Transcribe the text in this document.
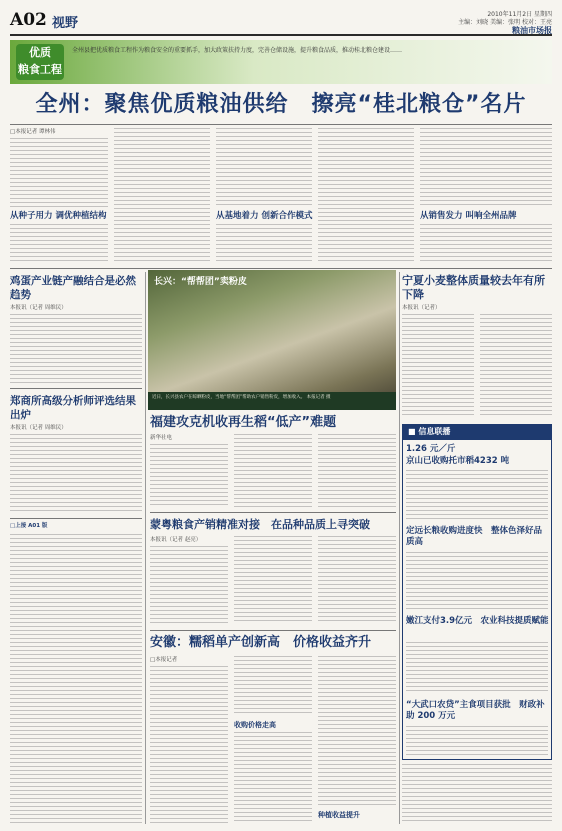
A02 视野
2010年11月2日 星期四
主编：刘晓 美编：张明 校对：王亮
粮油市场报
优质
粮食工程
全州县把优质粮食工程作为粮食安全的重要抓手，加大政策扶持力度，完善仓储设施，提升粮食品质，推动桂北粮仓建设……
全州：聚焦优质粮油供给　擦亮“桂北粮仓”名片
□本报记者 谭林伟
从种子用力 调优种植结构	从基地着力 创新合作模式	从销售发力 叫响全州品牌
鸡蛋产业链产融结合是必然趋势
本报讯（记者 周维民）
郑商所高级分析师评选结果出炉
本报讯（记者 周维民）
□上接 A01 版
长兴：“帮帮团”卖粉皮
近日，长兴县农户在晾晒粉皮，当地“帮帮团”帮助农户销售粉皮，增加收入。 本报记者 摄
福建攻克机收再生稻“低产”难题
新华社电
蒙粤粮食产销精准对接　在品种品质上寻突破
本报讯（记者 赵亮）
安徽：糯稻单产创新高　价格收益齐升
□本报记者
收购价格走高
种植收益提升
宁夏小麦整体质量较去年有所下降
本报讯（记者）
■ 信息联播
1.26 元／斤
京山已收购托市稻4232 吨
定远长粮收购进度快　整体色泽好品质高
嫩江支付3.9亿元　农业科技提质赋能
“大武口农贷”主食项目获批　财政补助 200 万元
